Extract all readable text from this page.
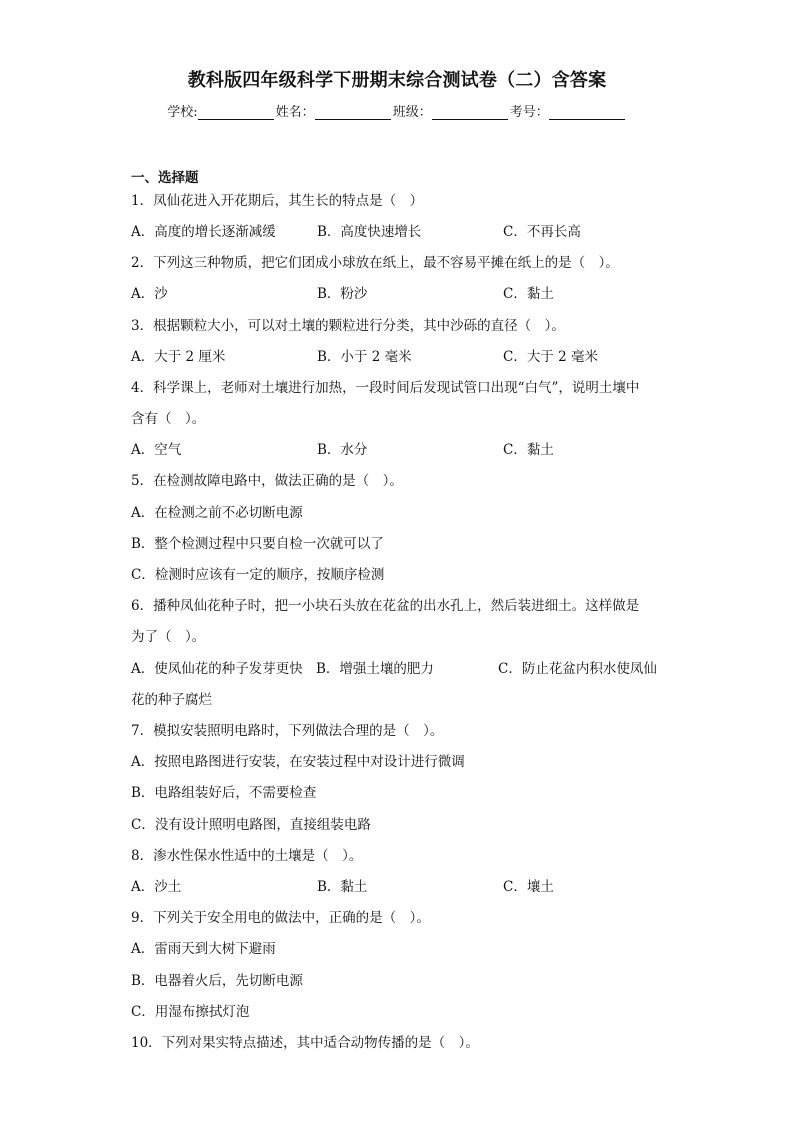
教科版四年级科学下册期末综合测试卷（二）含答案
学校:	姓名：	班级：	考号：
一、选择题
1．凤仙花进入开花期后，其生长的特点是（　）
A．高度的增长逐渐减缓	B．高度快速增长	C．不再长高
2．下列这三种物质，把它们团成小球放在纸上，最不容易平摊在纸上的是（　）。
A．沙	B．粉沙	C．黏土
3．根据颗粒大小，可以对土壤的颗粒进行分类，其中沙砾的直径（　）。
A．大于 2 厘米	B．小于 2 毫米	C．大于 2 毫米
4．科学课上，老师对土壤进行加热，一段时间后发现试管口出现“白气”，说明土壤中
含有（　）。
A．空气	B．水分	C．黏土
5．在检测故障电路中，做法正确的是（　）。
A．在检测之前不必切断电源
B．整个检测过程中只要自检一次就可以了
C．检测时应该有一定的顺序，按顺序检测
6．播种凤仙花种子时，把一小块石头放在花盆的出水孔上，然后装进细土。这样做是
为了（　）。
A．使凤仙花的种子发芽更快 B．增强土壤的肥力	C．防止花盆内积水使凤仙
花的种子腐烂
7．模拟安装照明电路时，下列做法合理的是（　）。
A．按照电路图进行安装，在安装过程中对设计进行微调
B．电路组装好后，不需要检查
C．没有设计照明电路图，直接组装电路
8．渗水性保水性适中的土壤是（　）。
A．沙土	B．黏土	C．壤土
9．下列关于安全用电的做法中，正确的是（　）。
A．雷雨天到大树下避雨
B．电器着火后，先切断电源
C．用湿布擦拭灯泡
10．下列对果实特点描述，其中适合动物传播的是（　）。
